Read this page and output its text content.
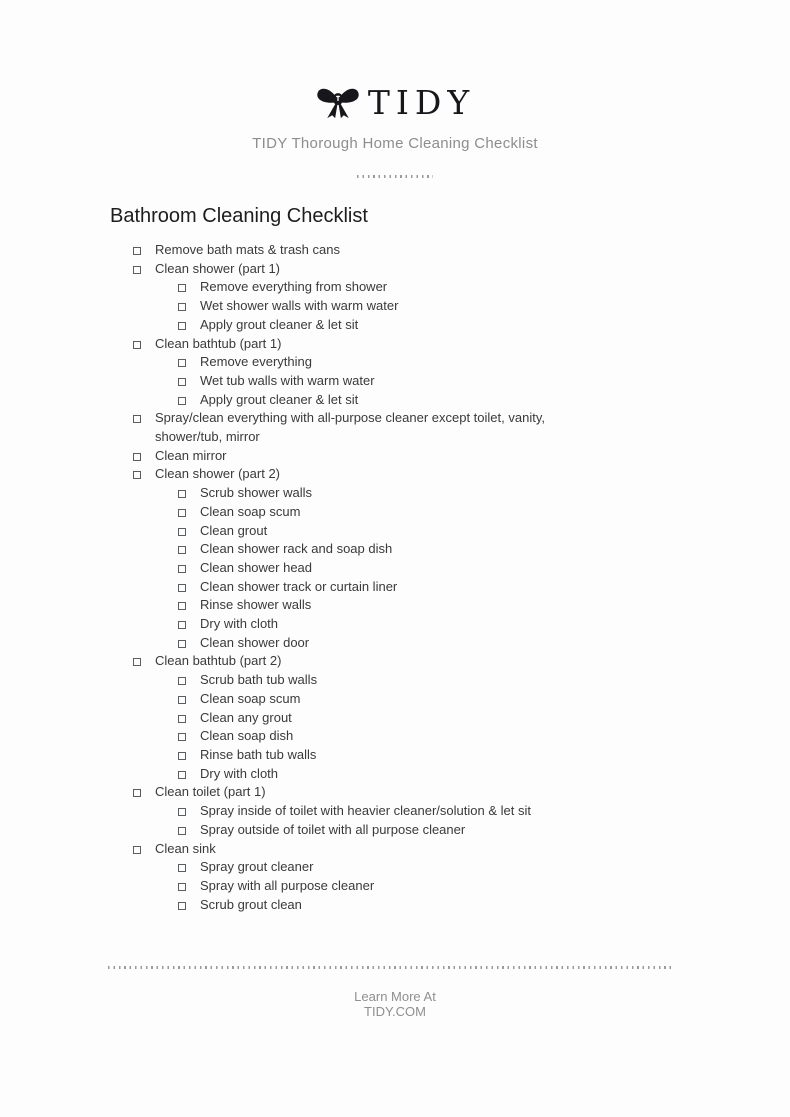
TIDY
TIDY Thorough Home Cleaning Checklist
Bathroom Cleaning Checklist
Remove bath mats & trash cans
Clean shower (part 1)
Remove everything from shower
Wet shower walls with warm water
Apply grout cleaner & let sit
Clean bathtub (part 1)
Remove everything
Wet tub walls with warm water
Apply grout cleaner & let sit
Spray/clean everything with all-purpose cleaner except toilet, vanity, shower/tub, mirror
Clean mirror
Clean shower (part 2)
Scrub shower walls
Clean soap scum
Clean grout
Clean shower rack and soap dish
Clean shower head
Clean shower track or curtain liner
Rinse shower walls
Dry with cloth
Clean shower door
Clean bathtub (part 2)
Scrub bath tub walls
Clean soap scum
Clean any grout
Clean soap dish
Rinse bath tub walls
Dry with cloth
Clean toilet (part 1)
Spray inside of toilet with heavier cleaner/solution & let sit
Spray outside of toilet with all purpose cleaner
Clean sink
Spray grout cleaner
Spray with all purpose cleaner
Scrub grout clean
Learn More At
TIDY.COM
